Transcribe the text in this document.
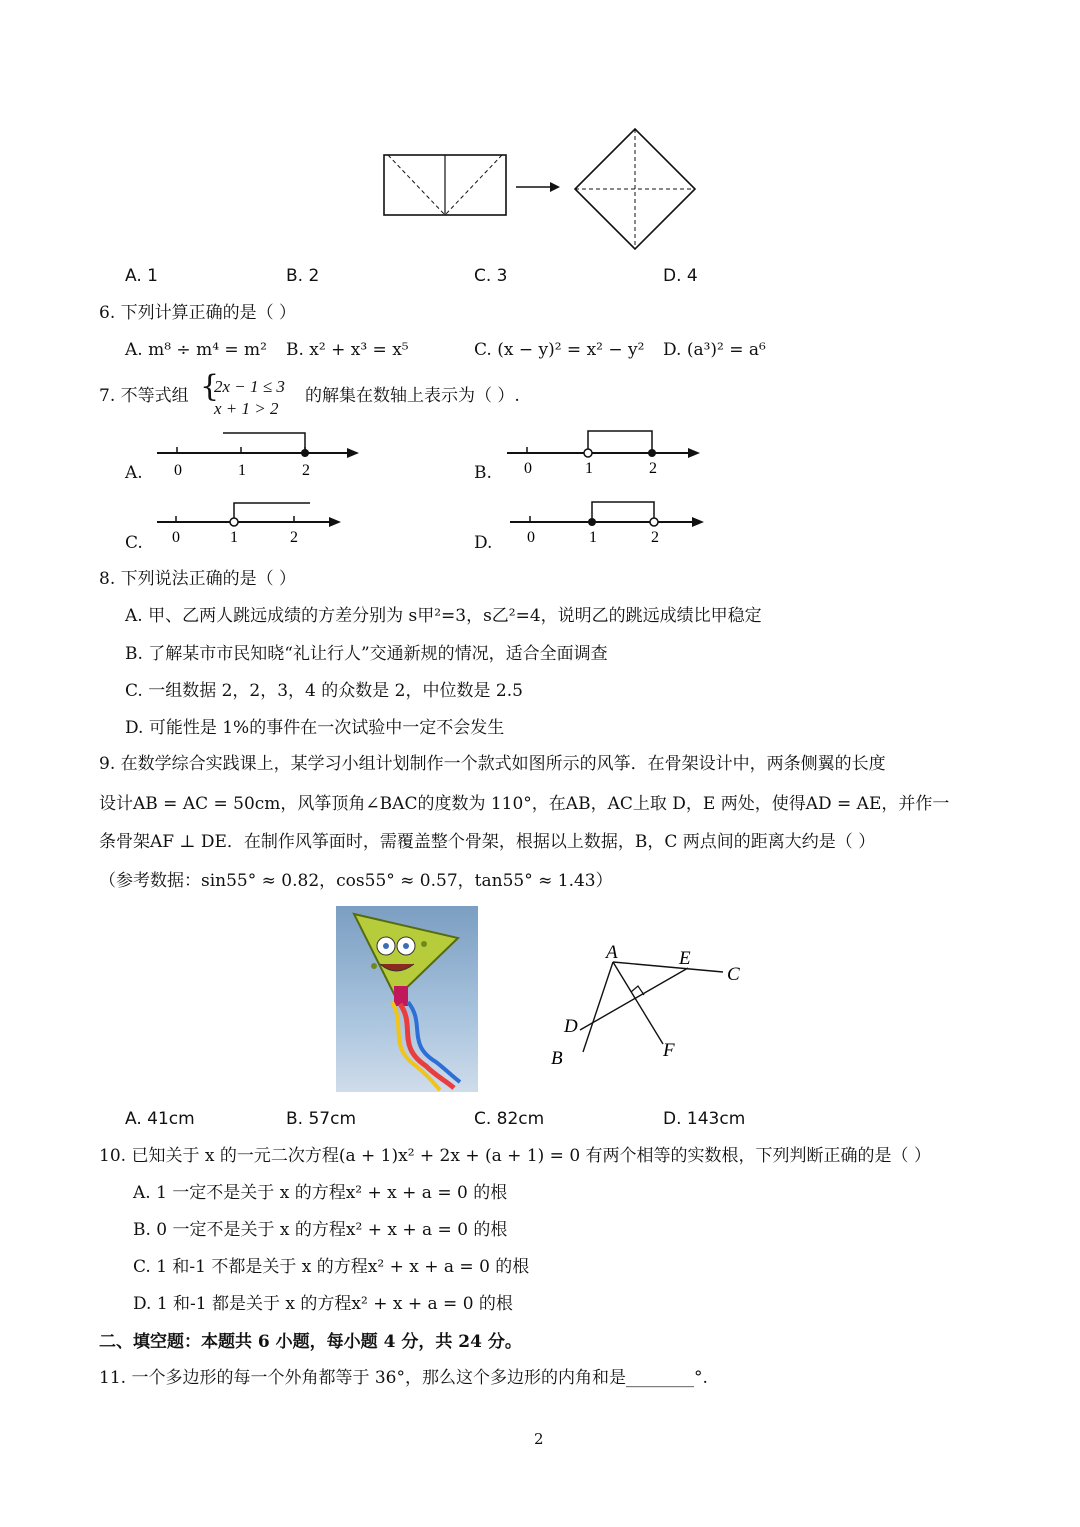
A. 1	B. 2	C. 3	D. 4
6. 下列计算正确的是（ ）
A. m⁸ ÷ m⁴ = m² B. x² + x³ = x⁵	C. (x − y)² = x² − y² D. (a³)² = a⁶
7. 不等式组 {
2x − 1 ≤ 3
x + 1 > 2
的解集在数轴上表示为（ ）.
A. 0	1	2	B. 0	1	2
C. 0	1	2	D. 0	1	2
8. 下列说法正确的是（ ）
A. 甲、乙两人跳远成绩的方差分别为 s甲²=3，s乙²=4，说明乙的跳远成绩比甲稳定
B. 了解某市市民知晓“礼让行人”交通新规的情况，适合全面调查
C. 一组数据 2，2，3，4 的众数是 2，中位数是 2.5
D. 可能性是 1%的事件在一次试验中一定不会发生
9. 在数学综合实践课上，某学习小组计划制作一个款式如图所示的风筝．在骨架设计中，两条侧翼的长度
设计AB = AC = 50cm，风筝顶角∠BAC的度数为 110°，在AB，AC上取 D，E 两处，使得AD = AE，并作一
条骨架AF ⊥ DE．在制作风筝面时，需覆盖整个骨架，根据以上数据，B，C 两点间的距离大约是（ ）
（参考数据：sin55° ≈ 0.82，cos55° ≈ 0.57，tan55° ≈ 1.43）
A	E
C
D
B	F
A. 41cm	B. 57cm	C. 82cm	D. 143cm
10. 已知关于 x 的一元二次方程(a + 1)x² + 2x + (a + 1) = 0 有两个相等的实数根，下列判断正确的是（ ）
A. 1 一定不是关于 x 的方程x² + x + a = 0 的根
B. 0 一定不是关于 x 的方程x² + x + a = 0 的根
C. 1 和-1 不都是关于 x 的方程x² + x + a = 0 的根
D. 1 和-1 都是关于 x 的方程x² + x + a = 0 的根
二、填空题：本题共 6 小题，每小题 4 分，共 24 分。
11. 一个多边形的每一个外角都等于 36°，那么这个多边形的内角和是________°.
2
